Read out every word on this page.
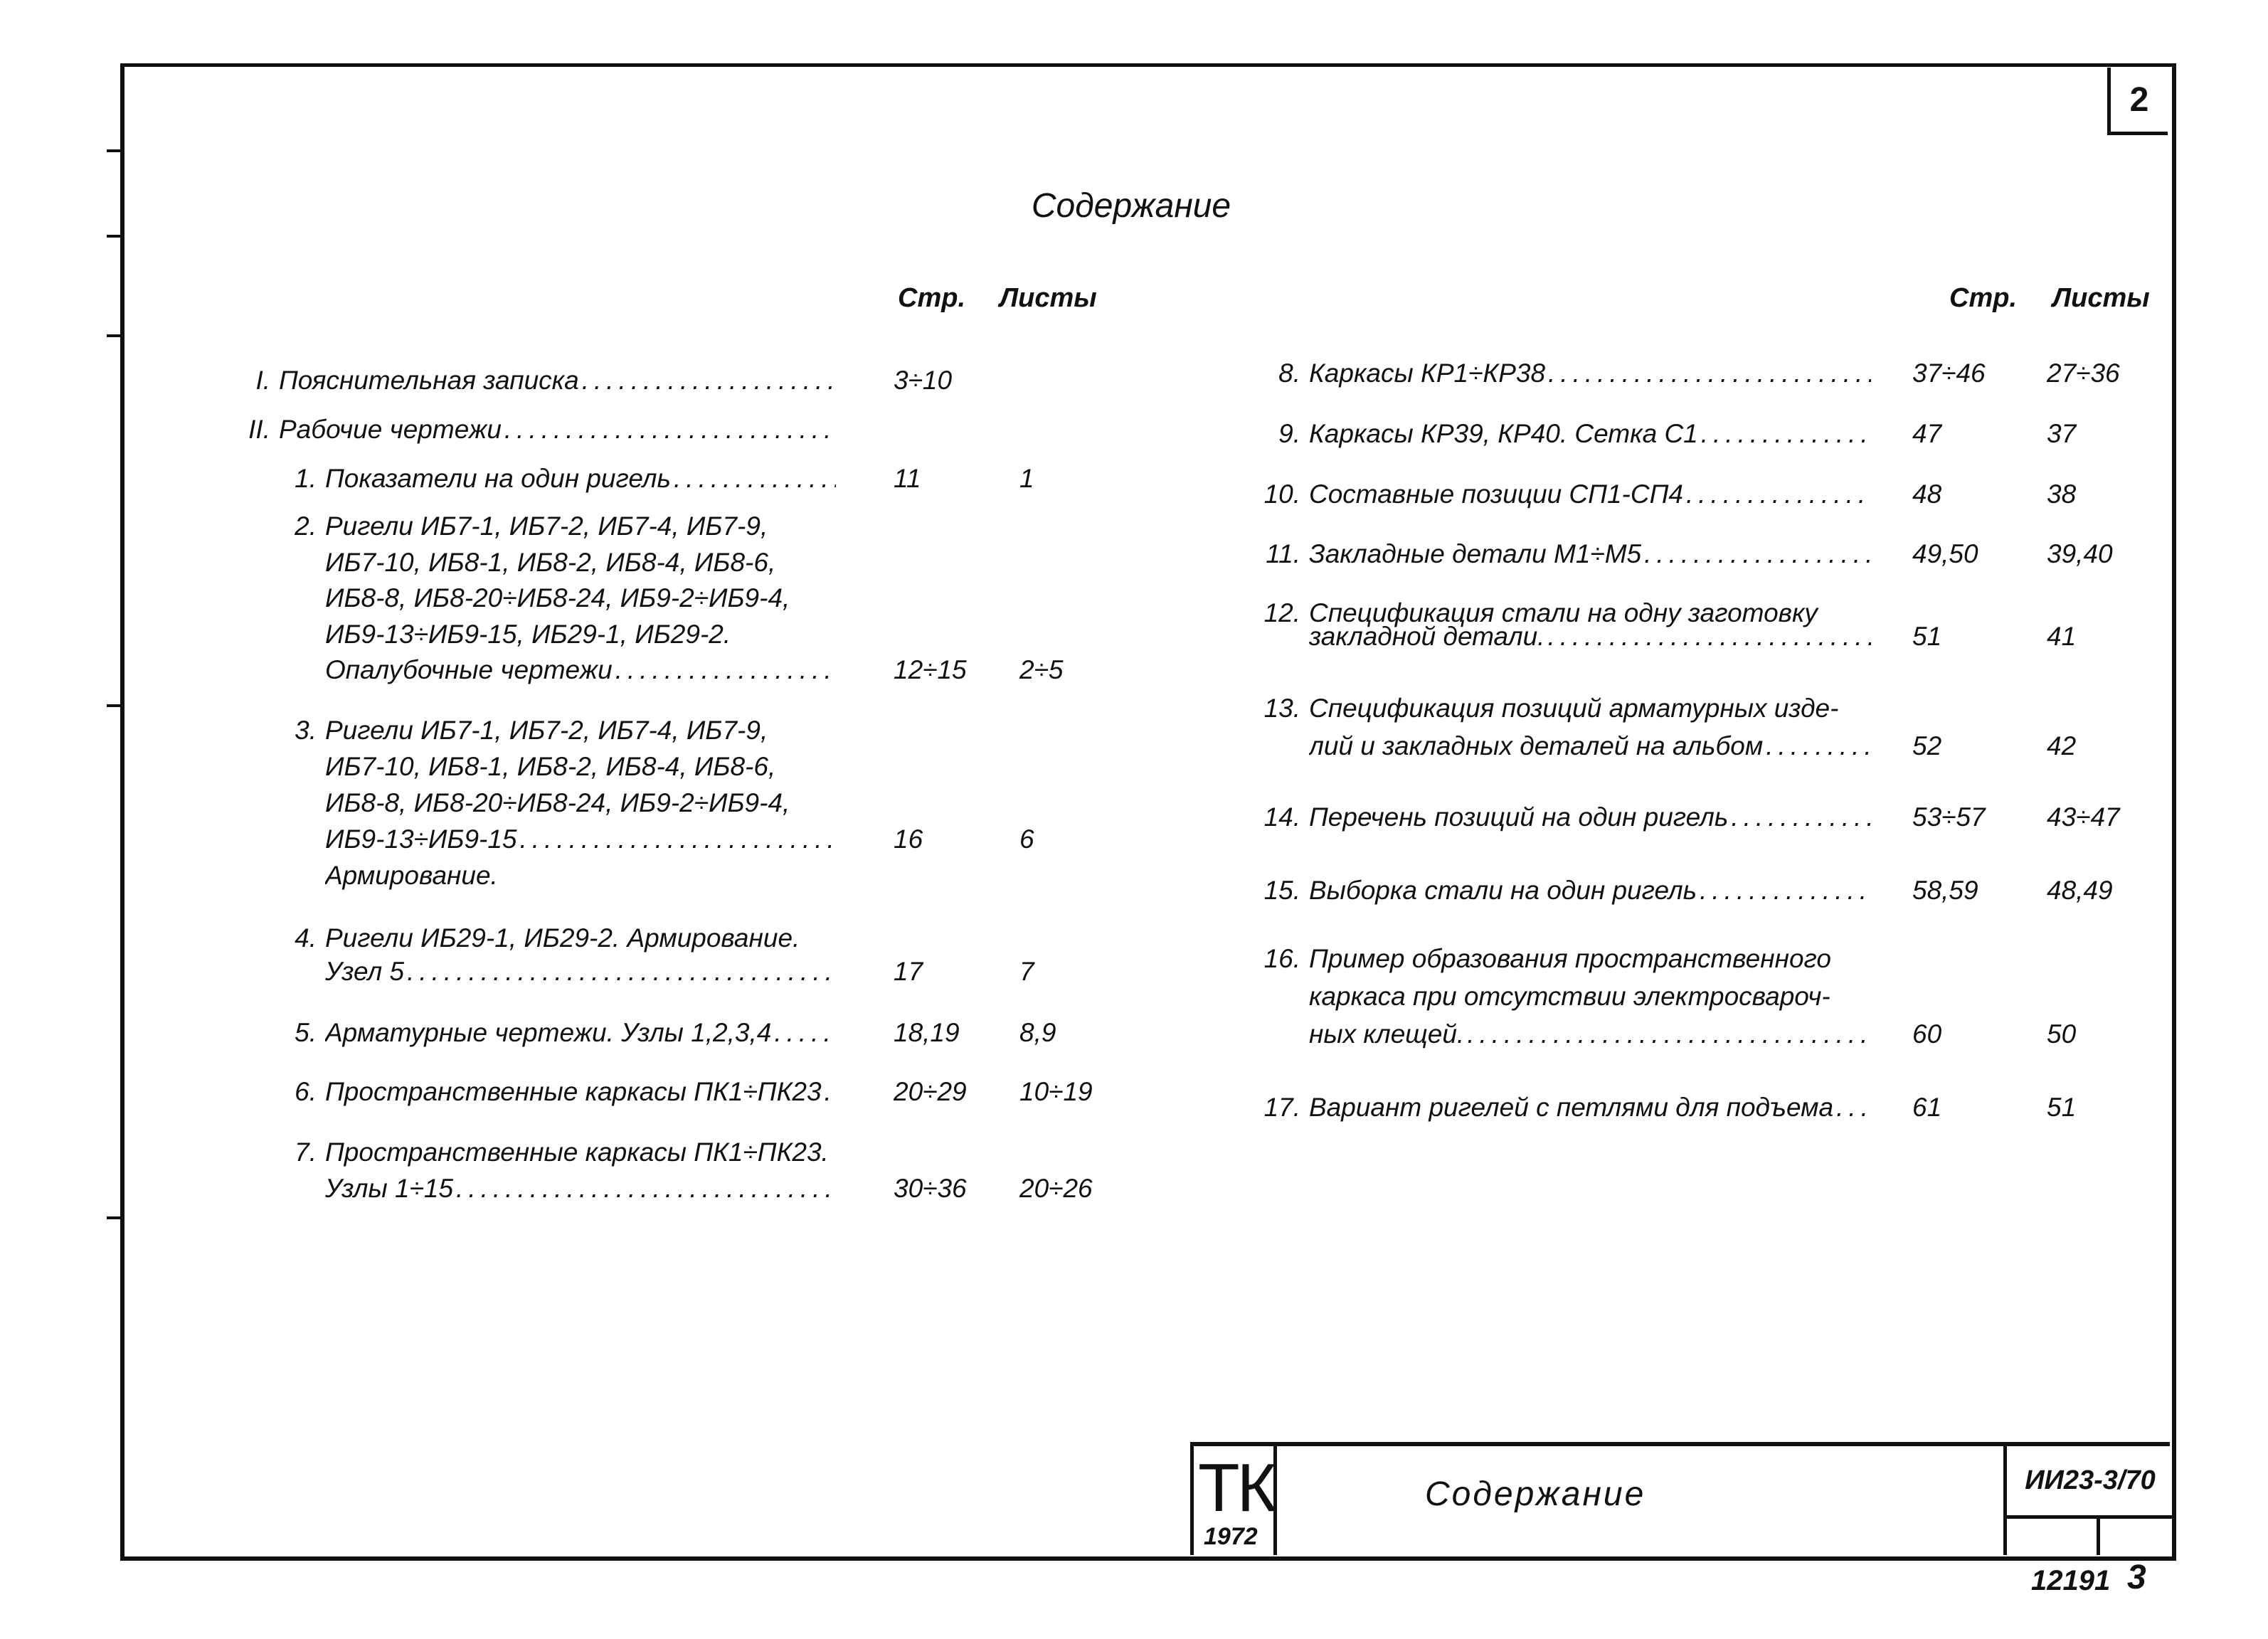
2
Содержание
Стр. Листы	Стр. Листы
I. Пояснительная записка .....	3÷10
II. Рабочие чертежи
.....
1. Показатели на один ригель .....	11	1
2. Ригели ИБ7-1, ИБ7-2, ИБ7-4, ИБ7-9,
ИБ7-10, ИБ8-1, ИБ8-2, ИБ8-4, ИБ8-6,
ИБ8-8, ИБ8-20÷ИБ8-24, ИБ9-2÷ИБ9-4,
ИБ9-13÷ИБ9-15, ИБ29-1, ИБ29-2.
Опалубочные чертежи .....	12÷15 2÷5
3. Ригели ИБ7-1, ИБ7-2, ИБ7-4, ИБ7-9,
ИБ7-10, ИБ8-1, ИБ8-2, ИБ8-4, ИБ8-6,
ИБ8-8, ИБ8-20÷ИБ8-24, ИБ9-2÷ИБ9-4,
ИБ9-13÷ИБ9-15 .....	16	6
Армирование.
4. Ригели ИБ29-1, ИБ29-2. Армирование.
Узел 5 .....	17	7
5. Арматурные чертежи. Узлы 1,2,3,4 .....	18,19 8,9
6. Пространственные каркасы ПК1÷ПК23 .....	20÷29 10÷19
7. Пространственные каркасы ПК1÷ПК23.
Узлы 1÷15 .....	30÷36 20÷26
8. Каркасы КР1÷КР38 .....	37÷46 27÷36
9. Каркасы КР39, КР40. Сетка С1 .....	47	37
10. Составные позиции СП1-СП4 .....	48	38
11. Закладные детали М1÷М5 .....	49,50	39,40
12. Спецификация стали на одну заготовку
закладной детали. .....	51	41
13. Спецификация позиций арматурных изде-
лий и закладных деталей на альбом .....	52	42
14. Перечень позиций на один ригель .....	53÷57 43÷47
15. Выборка стали на один ригель .....	58,59	48,49
16. Пример образования пространственного
каркаса при отсутствии электросвароч-
ных клещей. .....	60	50
17. Вариант ригелей с петлями для подъема .....	61	51
ТК
1972
Содержание	ИИ23-3/70
12191 3
